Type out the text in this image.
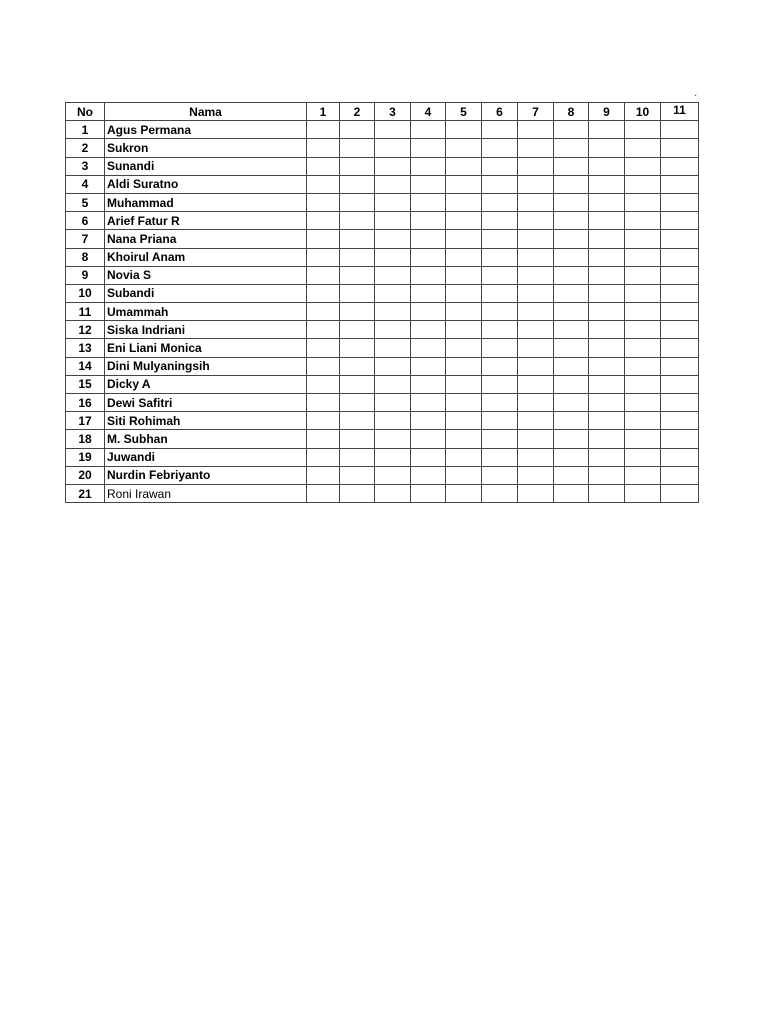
ˏ
No	Nama	1	2	3	4	5	6	7	8	9	10	11
1	Agus Permana											
2	Sukron											
3	Sunandi											
4	Aldi Suratno											
5	Muhammad											
6	Arief Fatur R											
7	Nana Priana											
8	Khoirul Anam											
9	Novia S											
10	Subandi											
11	Umammah											
12	Siska Indriani											
13	Eni Liani Monica											
14	Dini Mulyaningsih											
15	Dicky A											
16	Dewi Safitri											
17	Siti Rohimah											
18	M. Subhan											
19	Juwandi											
20	Nurdin Febriyanto											
21	Roni Irawan											
